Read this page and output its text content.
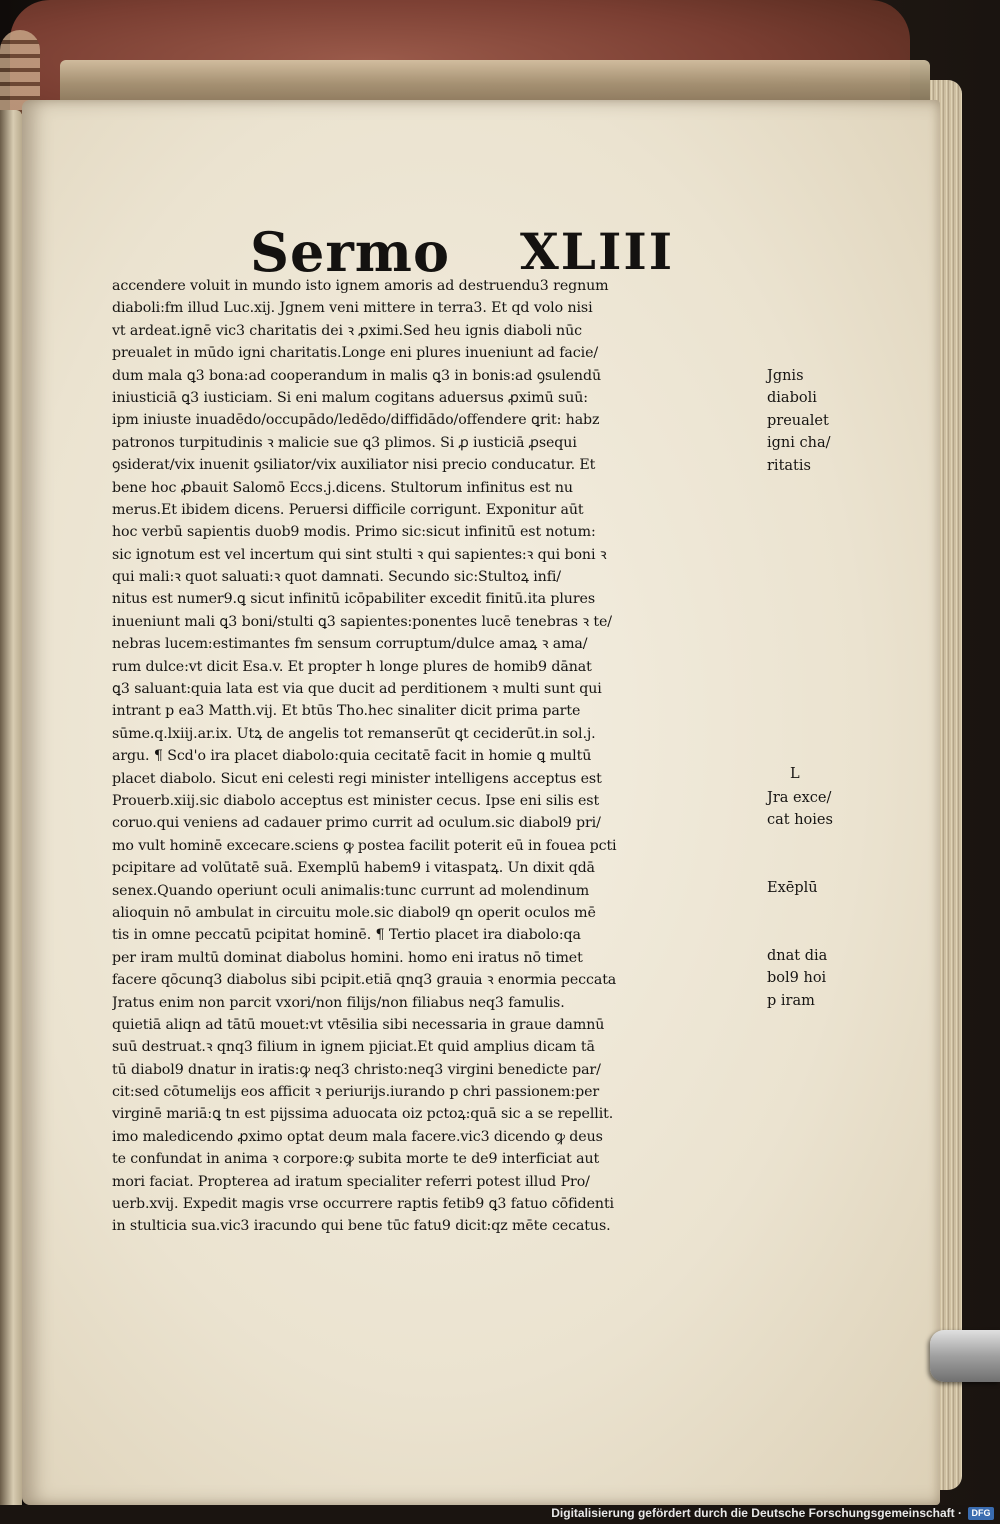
Sermo XLIII
accendere voluit in mundo isto ignem amoris ad destruendu3 regnum
diaboli:fm illud Luc.xij. Jgnem veni mittere in terra3. Et qd volo nisi
vt ardeat.ignē vic3 charitatis dei ꝛ ꝓximi.Sed heu ignis diaboli nūc
preualet in mūdo igni charitatis.Longe eni plures inueniunt ad facie/
dum mala ꝗ3 bona:ad cooperandum in malis ꝗ3 in bonis:ad ꝯsulendū
iniusticiā ꝗ3 iusticiam. Si eni malum cogitans aduersus ꝓximū suū:
ipm iniuste inuadēdo/occupādo/ledēdo/diffidādo/offendere ꝗrit: habz
patronos turpitudinis ꝛ malicie sue ꝗ3 plimos. Si ꝓ iusticiā ꝓsequi
ꝯsiderat/vix inuenit ꝯsiliator/vix auxiliator nisi precio conducatur. Et
bene hoc ꝓbauit Salomō Eccs.j.dicens. Stultorum infinitus est nu
merus.Et ibidem dicens. Peruersi difficile corrigunt. Exponitur aūt
hoc verbū sapientis duob9 modis. Primo sic:sicut infinitū est notum:
sic ignotum est vel incertum qui sint stulti ꝛ qui sapientes:ꝛ qui boni ꝛ
qui mali:ꝛ quot saluati:ꝛ quot damnati. Secundo sic:Stultoꝝ infi/
nitus est numer9.ꝗ sicut infinitū icōpabiliter excedit finitū.ita plures
inueniunt mali ꝗ3 boni/stulti ꝗ3 sapientes:ponentes lucē tenebras ꝛ te/
nebras lucem:estimantes fm sensum corruptum/dulce amaꝝ ꝛ ama/
rum dulce:vt dicit Esa.v. Et propter h longe plures de homib9 dānat
ꝗ3 saluant:quia lata est via que ducit ad perditionem ꝛ multi sunt qui
intrant p ea3 Matth.vij. Et btūs Tho.hec sinaliter dicit prima parte
sūme.q.lxiij.ar.ix. Utꝝ de angelis tot remanserūt ꝗt ceciderūt.in sol.j.
argu. ¶ Scd'o ira placet diabolo:quia cecitatē facit in homie ꝗ multū
placet diabolo. Sicut eni celesti regi minister intelligens acceptus est
Prouerb.xiij.sic diabolo acceptus est minister cecus. Ipse eni silis est
coruo.qui veniens ad cadauer primo currit ad oculum.sic diabol9 pri/
mo vult hominē excecare.sciens ꝙ postea facilit poterit eū in fouea pcti
pcipitare ad volūtatē suā. Exemplū habem9 i vitaspatꝝ. Un dixit qdā
senex.Quando operiunt oculi animalis:tunc currunt ad molendinum
alioquin nō ambulat in circuitu mole.sic diabol9 qn operit oculos mē
tis in omne peccatū pcipitat hominē. ¶ Tertio placet ira diabolo:qa
per iram multū dominat diabolus homini. homo eni iratus nō timet
facere qōcunq3 diabolus sibi pcipit.etiā qnq3 grauia ꝛ enormia peccata
Jratus enim non parcit vxori/non filijs/non filiabus neq3 famulis.
quietiā aliqn ad tātū mouet:vt vtēsilia sibi necessaria in graue damnū
suū destruat.ꝛ qnq3 filium in ignem pjiciat.Et quid amplius dicam tā
tū diabol9 dnatur in iratis:ꝙ neq3 christo:neq3 virgini benedicte par/
cit:sed cōtumelijs eos afficit ꝛ periurijs.iurando p chri passionem:per
virginē mariā:ꝗ tn est pijssima aduocata oiz pctoꝝ:quā sic a se repellit.
imo maledicendo ꝓximo optat deum mala facere.vic3 dicendo ꝙ deus
te confundat in anima ꝛ corpore:ꝙ subita morte te de9 interficiat aut
mori faciat. Propterea ad iratum specialiter referri potest illud Pro/
uerb.xvij. Expedit magis vrse occurrere raptis fetib9 ꝗ3 fatuo cōfidenti
in stulticia sua.vic3 iracundo qui bene tūc fatu9 dicit:qz mēte cecatus.
Jgnis
diaboli
preualet
igni cha/
ritatis
L
Jra exce/
cat hoies
Exēplū
dnat dia
bol9 hoi
p iram
Digitalisierung gefördert durch die Deutsche Forschungsgemeinschaft ·	DFG
